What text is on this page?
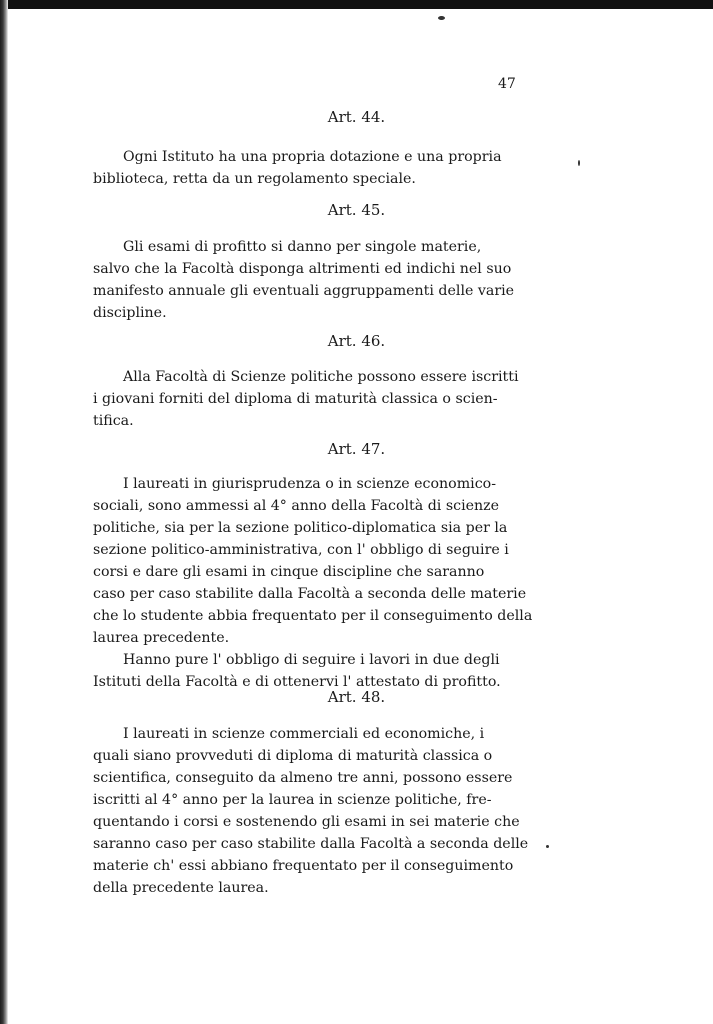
47
Art. 44.
Ogni Istituto ha una propria dotazione e una propria
biblioteca, retta da un regolamento speciale.
Art. 45.
Gli esami di profitto si danno per singole materie,
salvo che la Facoltà disponga altrimenti ed indichi nel suo
manifesto annuale gli eventuali aggruppamenti delle varie
discipline.
Art. 46.
Alla Facoltà di Scienze politiche possono essere iscritti
i giovani forniti del diploma di maturità classica o scien-
tifica.
Art. 47.
I laureati in giurisprudenza o in scienze economico-
sociali, sono ammessi al 4° anno della Facoltà di scienze
politiche, sia per la sezione politico-diplomatica sia per la
sezione politico-amministrativa, con l' obbligo di seguire i
corsi e dare gli esami in cinque discipline che saranno
caso per caso stabilite dalla Facoltà a seconda delle materie
che lo studente abbia frequentato per il conseguimento della
laurea precedente.
Hanno pure l' obbligo di seguire i lavori in due degli
Istituti della Facoltà e di ottenervi l' attestato di profitto.
Art. 48.
I laureati in scienze commerciali ed economiche, i
quali siano provveduti di diploma di maturità classica o
scientifica, conseguito da almeno tre anni, possono essere
iscritti al 4° anno per la laurea in scienze politiche, fre-
quentando i corsi e sostenendo gli esami in sei materie che
saranno caso per caso stabilite dalla Facoltà a seconda delle
materie ch' essi abbiano frequentato per il conseguimento
della precedente laurea.
